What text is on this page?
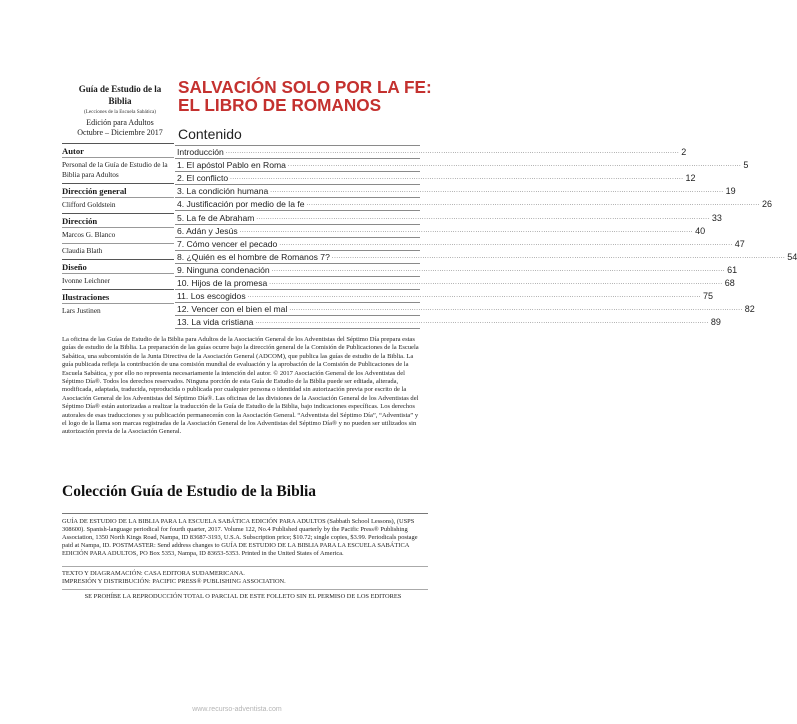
Guía de Estudio de la Biblia
(Lecciones de la Escuela Sabática)
Edición para Adultos
Octubre – Diciembre 2017
Autor
Personal de la Guía de Estudio de la Biblia para Adultos
Dirección general
Clifford Goldstein
Dirección
Marcos G. Blanco
Claudia Blath
Diseño
Ivonne Leichner
Ilustraciones
Lars Justinen
SALVACIÓN SOLO POR LA FE:
EL LIBRO DE ROMANOS
Contenido
Introducción ........................................................................................................................................................................................................ 2
1. El apóstol Pablo en Roma ........................................................................................................................................................................................................ 5
2. El conflicto ........................................................................................................................................................................................................ 12
3. La condición humana ........................................................................................................................................................................................................ 19
4. Justificación por medio de la fe ........................................................................................................................................................................................................ 26
5. La fe de Abraham ........................................................................................................................................................................................................ 33
6. Adán y Jesús ........................................................................................................................................................................................................ 40
7. Cómo vencer el pecado ........................................................................................................................................................................................................ 47
8. ¿Quién es el hombre de Romanos 7? ........................................................................................................................................................................................................ 54
9. Ninguna condenación ........................................................................................................................................................................................................ 61
10. Hijos de la promesa ........................................................................................................................................................................................................ 68
11. Los escogidos ........................................................................................................................................................................................................ 75
12. Vencer con el bien el mal ........................................................................................................................................................................................................ 82
13. La vida cristiana ........................................................................................................................................................................................................ 89
La oficina de las Guías de Estudio de la Biblia para Adultos de la Asociación General de los Adventistas del Séptimo Día prepara estas guías de estudio de la Biblia. La preparación de las guías ocurre bajo la dirección general de la Comisión de Publicaciones de la Escuela Sabática, una subcomisión de la Junta Directiva de la Asociación General (ADCOM), que publica las guías de estudio de la Biblia. La guía publicada refleja la contribución de una comisión mundial de evaluación y la aprobación de la Comisión de Publicaciones de la Escuela Sabática, y por ello no representa necesariamente la intención del autor. © 2017 Asociación General de los Adventistas del Séptimo Día®. Todos los derechos reservados. Ninguna porción de esta Guía de Estudio de la Biblia puede ser editada, alterada, modificada, adaptada, traducida, reproducida o publicada por cualquier persona o identidad sin autorización previa por escrito de la Asociación General de los Adventistas del Séptimo Día®. Las oficinas de las divisiones de la Asociación General de los Adventistas del Séptimo Día® están autorizadas a realizar la traducción de la Guía de Estudio de la Biblia, bajo indicaciones específicas. Los derechos autorales de esas traducciones y su publicación permanecerán con la Asociación General. “Adventista del Séptimo Día”, “Adventista” y el logo de la llama son marcas registradas de la Asociación General de los Adventistas del Séptimo Día® y no pueden ser utilizados sin autorización previa de la Asociación General.
Colección Guía de Estudio de la Biblia
GUÍA DE ESTUDIO DE LA BIBLIA PARA LA ESCUELA SABÁTICA EDICIÓN PARA ADULTOS (Sabbath School Lessons), (USPS 308600). Spanish-language periodical for fourth quarter, 2017. Volume 122, No.4 Published quarterly by the Pacific Press® Publishing Association, 1350 North Kings Road, Nampa, ID 83687-3193, U.S.A. Subscription price; $10.72; single copies, $3.99. Periodicals postage paid at Nampa, ID. POSTMASTER: Send address changes to GUÍA DE ESTUDIO DE LA BIBLIA PARA LA ESCUELA SABÁTICA EDICIÓN PARA ADULTOS, PO Box 5353, Nampa, ID 83653-5353. Printed in the United States of America.
TEXTO Y DIAGRAMACIÓN: CASA EDITORA SUDAMERICANA.
IMPRESIÓN Y DISTRIBUCIÓN: PACIFIC PRESS® PUBLISHING ASSOCIATION.
SE PROHÍBE LA REPRODUCCIÓN TOTAL O PARCIAL DE ESTE FOLLETO SIN EL PERMISO DE LOS EDITORES
www.recurso-adventista.com
